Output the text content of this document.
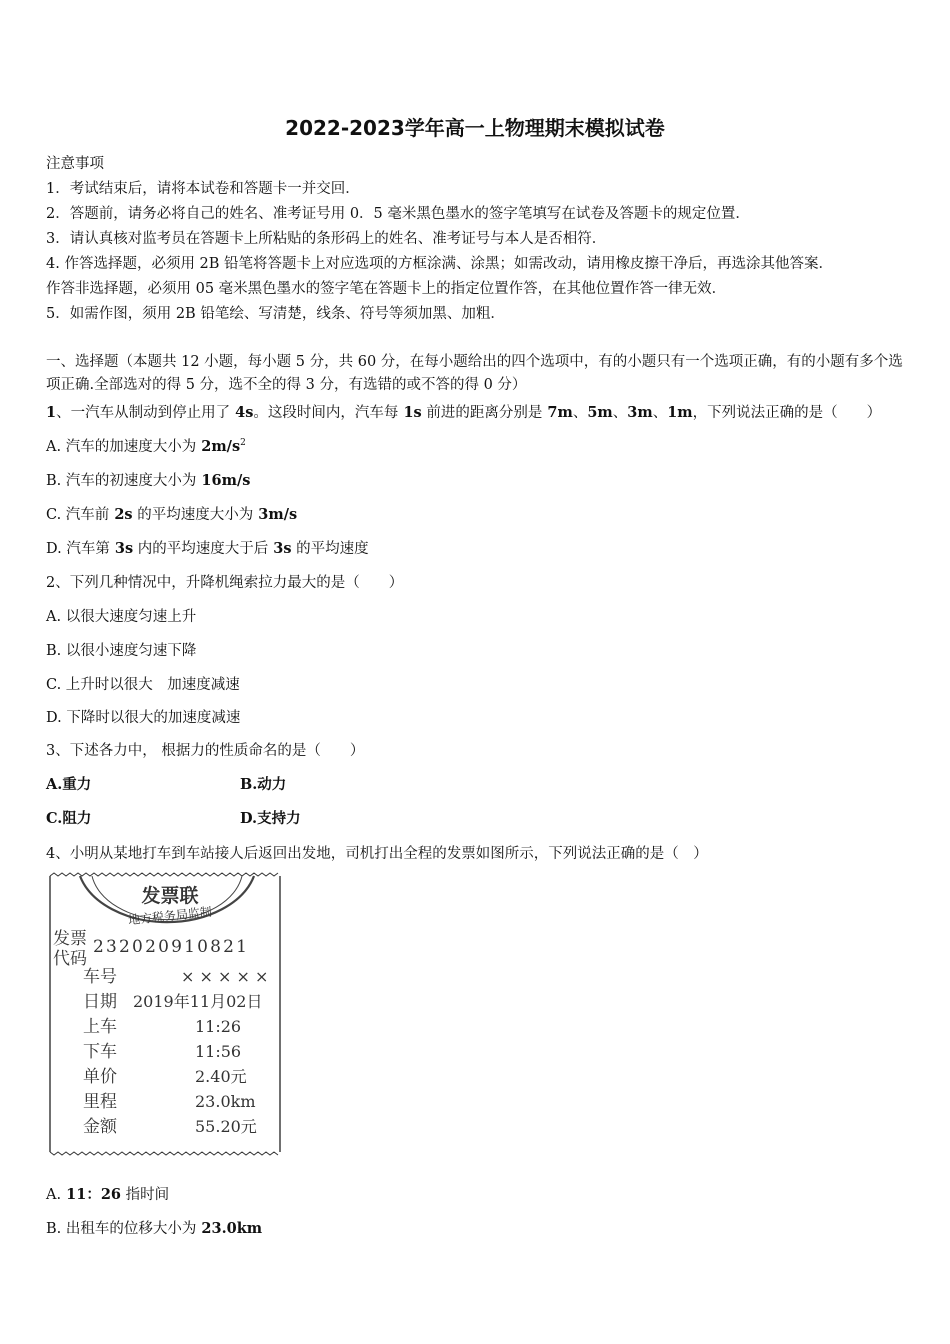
2022-2023学年高一上物理期末模拟试卷
注意事项
1．考试结束后，请将本试卷和答题卡一并交回．
2．答题前，请务必将自己的姓名、准考证号用 0．5 毫米黑色墨水的签字笔填写在试卷及答题卡的规定位置．
3．请认真核对监考员在答题卡上所粘贴的条形码上的姓名、准考证号与本人是否相符．
4. 作答选择题，必须用 2B 铅笔将答题卡上对应选项的方框涂满、涂黑；如需改动，请用橡皮擦干净后，再选涂其他答案．
作答非选择题，必须用 05 毫米黑色墨水的签字笔在答题卡上的指定位置作答，在其他位置作答一律无效．
5．如需作图，须用 2B 铅笔绘、写清楚，线条、符号等须加黑、加粗．
一、选择题（本题共 12 小题，每小题 5 分，共 60 分，在每小题给出的四个选项中，有的小题只有一个选项正确，有的小题有多个选项正确.全部选对的得 5 分，选不全的得 3 分，有选错的或不答的得 0 分）
1、一汽车从制动到停止用了 4s。这段时间内，汽车每 1s 前进的距离分别是 7m、5m、3m、1m，下列说法正确的是（　　）
A. 汽车的加速度大小为 $2m/s^2$
B. 汽车的初速度大小为 16m/s
C. 汽车前 2s 的平均速度大小为 3m/s
D. 汽车第 3s 内的平均速度大于后 3s 的平均速度
2、下列几种情况中，升降机绳索拉力最大的是（　　）
A. 以很大速度匀速上升
B. 以很小速度匀速下降
C. 上升时以很大　加速度减速
D. 下降时以很大的加速度减速
3、下述各力中， 根据力的性质命名的是（　　）
A.重力	B.动力
C.阻力	D.支持力
4、小明从某地打车到车站接人后返回出发地，司机打出全程的发票如图所示，下列说法正确的是（　）
发票联
地方税务局监制
发票
代码
232020910821
车号	× × × × ×
日期 2019年11月02日
上车	11:26
下车	11:56
单价	2.40元
里程	23.0km
金额	55.20元
A. 11：26 指时间
B. 出租车的位移大小为 23.0km
